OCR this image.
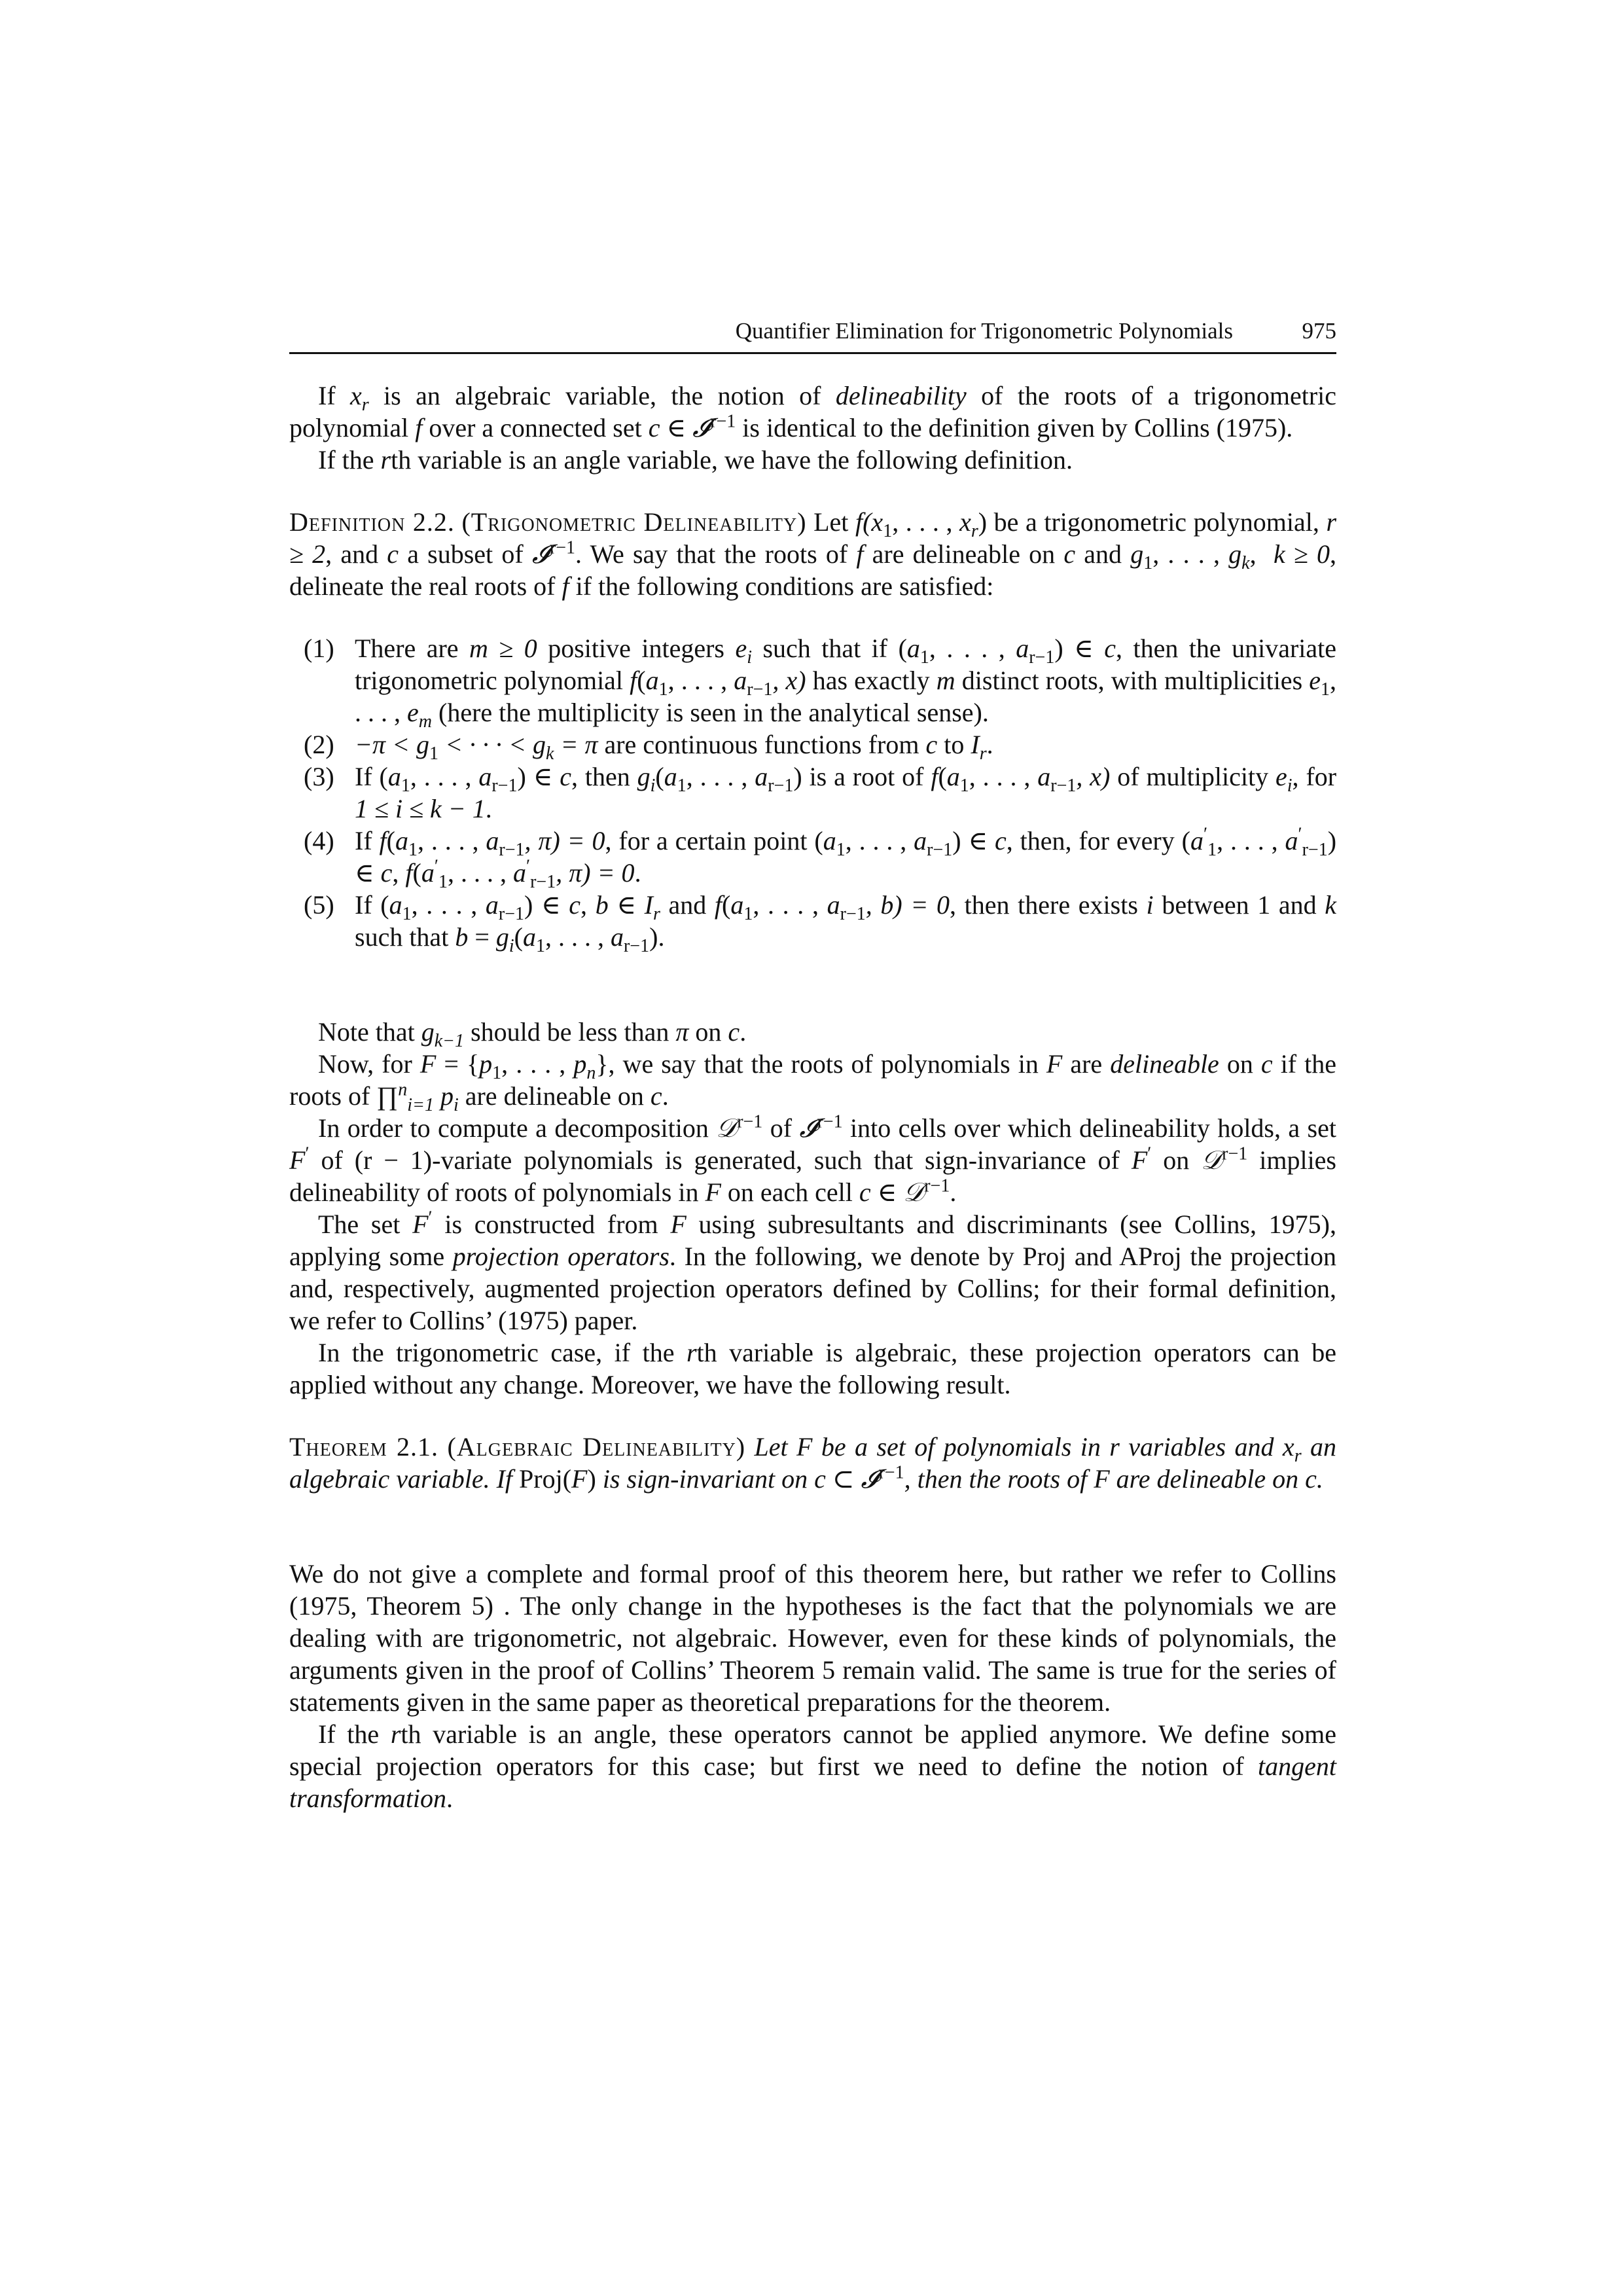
Quantifier Elimination for Trigonometric Polynomials	975

If $x_r$ is an algebraic variable, the notion of delineability of the roots of a trigonometric polynomial f over a connected set c ∈ 𝓘$^{r-1}$ is identical to the definition given by Collins (1975).

If the rth variable is an angle variable, we have the following definition.

Definition 2.2. (Trigonometric Delineability) Let $f(x_1$, . . . , $x_r$) be a trigonometric polynomial, r ≥ 2, and c a subset of 𝓘$^{r-1}$. We say that the roots of f are delineable on c and $g_1$, . . . , $g_k$,  k ≥ 0, delineate the real roots of f if the following conditions are satisfied:

(1) There are m ≥ 0 positive integers $e_i$ such that if ($a_1$, . . . , $a_{r-1}$) ∈ c, then the univariate trigonometric polynomial $f(a_1$, . . . , $a_{r-1}$, x) has exactly m distinct roots, with multiplicities $e_1$, . . . , $e_m$ (here the multiplicity is seen in the analytical sense).
$(2) -\pi < g_1$ < · · · < $g_k = \pi$ are continuous functions from c to $I_r$.
(3) If ($a_1$, . . . , $a_{r-1}$) ∈ c, then $g_i(a_1$, . . . , $a_{r-1}$) is a root of $f(a_1$, . . . , $a_{r-1}$, x) of multiplicity $e_i$, for 1 ≤ i ≤ k − 1.
(4) If $f(a_1$, . . . , $a_{r-1}$, π) = 0, for a certain point ($a_1$, . . . , $a_{r-1}$) ∈ c, then, for every ($a'_1$, . . . , $a'_{r-1}$) ∈ c, $f(a'_1$, . . . , $a'_{r-1}$, π) = 0.
(5) If ($a_1$, . . . , $a_{r-1}$) ∈ c, b ∈ $I_r$ and $f(a_1$, . . . , $a_{r-1}$, b) = 0, then there exists i between 1 and k such that $b = g_i(a_1$, . . . , $a_{r-1}$).

Note that $g_{k-1}$ should be less than π on c.

Now, for $F = \{p_1$, . . . , $p_n$}, we say that the roots of polynomials in F are delineable on c if the roots of ∏$^n_{i=1}$ $p_i$ are delineable on c.

In order to compute a decomposition 𝒟$^{r-1}$ of 𝓘$^{r-1}$ into cells over which delineability holds, a set F′ of (r − 1)-variate polynomials is generated, such that sign-invariance of F′ on 𝒟$^{r-1}$ implies delineability of roots of polynomials in F on each cell c ∈ 𝒟$^{r-1}$.

The set F′ is constructed from F using subresultants and discriminants (see Collins, 1975), applying some projection operators. In the following, we denote by Proj and AProj the projection and, respectively, augmented projection operators defined by Collins; for their formal definition, we refer to Collins’ (1975) paper.

In the trigonometric case, if the rth variable is algebraic, these projection operators can be applied without any change. Moreover, we have the following result.

Theorem 2.1. (Algebraic Delineability) Let F be a set of polynomials in r variables and $x_r$ an algebraic variable. If Proj(F) is sign-invariant on c ⊂ 𝓘$^{r-1}$, then the roots of F are delineable on c.

We do not give a complete and formal proof of this theorem here, but rather we refer to Collins (1975, Theorem 5) . The only change in the hypotheses is the fact that the polynomials we are dealing with are trigonometric, not algebraic. However, even for these kinds of polynomials, the arguments given in the proof of Collins’ Theorem 5 remain valid. The same is true for the series of statements given in the same paper as theoretical preparations for the theorem.

If the rth variable is an angle, these operators cannot be applied anymore. We define some special projection operators for this case; but first we need to define the notion of tangent transformation.
